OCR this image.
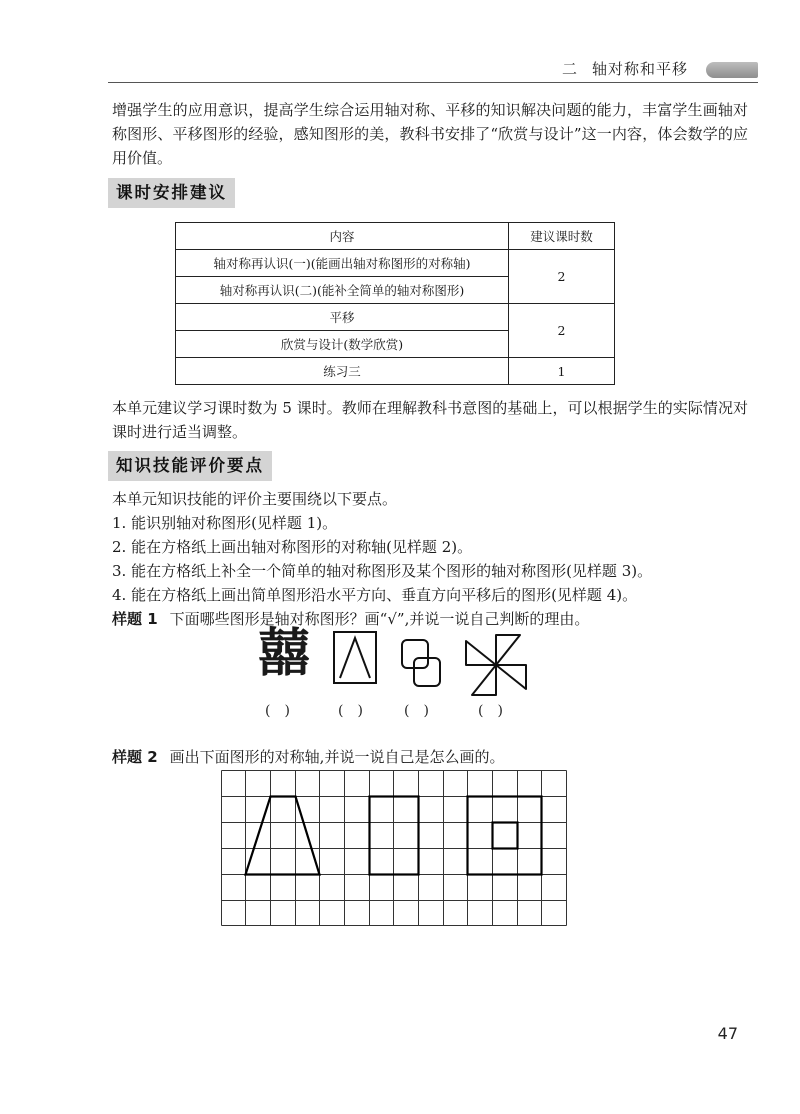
二 轴对称和平移
增强学生的应用意识，提高学生综合运用轴对称、平移的知识解决问题的能力，丰富学生画轴对称图形、平移图形的经验，感知图形的美，教科书安排了“欣赏与设计”这一内容，体会数学的应用价值。
课时安排建议
内容	建议课时数
轴对称再认识(一)(能画出轴对称图形的对称轴)	2
轴对称再认识(二)(能补全简单的轴对称图形)	
平移	2
欣赏与设计(数学欣赏)	
练习三	1
本单元建议学习课时数为 5 课时。教师在理解教科书意图的基础上，可以根据学生的实际情况对课时进行适当调整。
知识技能评价要点
本单元知识技能的评价主要围绕以下要点。
1. 能识别轴对称图形(见样题 1)。
2. 能在方格纸上画出轴对称图形的对称轴(见样题 2)。
3. 能在方格纸上补全一个简单的轴对称图形及某个图形的轴对称图形(见样题 3)。
4. 能在方格纸上画出简单图形沿水平方向、垂直方向平移后的图形(见样题 4)。
样题 1 下面哪些图形是轴对称图形？画“√”,并说一说自己判断的理由。
囍
(　)	(　)	(　)	(　)
样题 2 画出下面图形的对称轴,并说一说自己是怎么画的。
47
